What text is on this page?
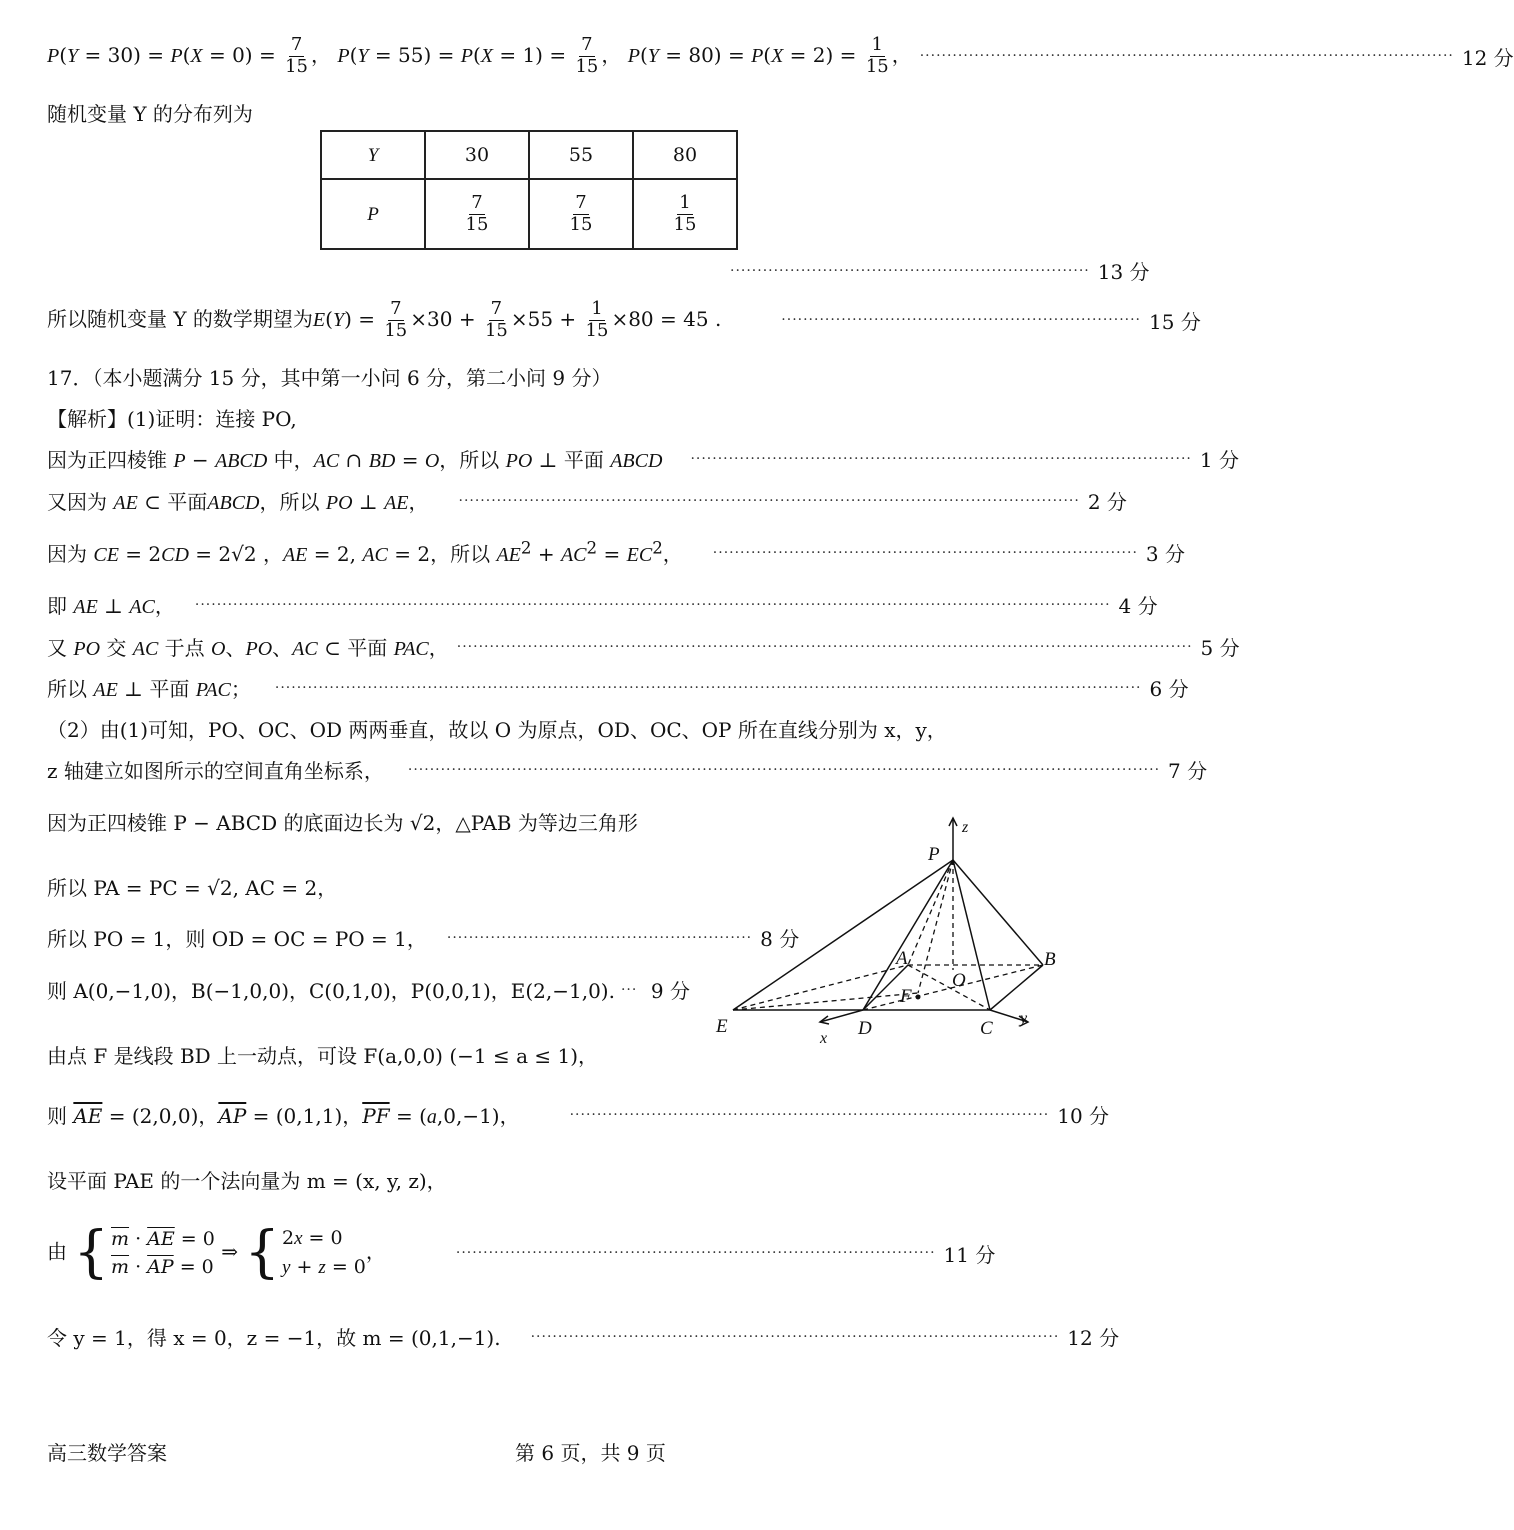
$P(Y = 30) = P(X = 0) = \frac{7}{15}$ ， $P(Y = 55) = P(X = 1) = \frac{7}{15}$ ， $P(Y = 80) = P(X = 2) = \frac{1}{15}$ ， ·································································································· 12 分
随机变量 Y 的分布列为
Y	30	55	80
P	$\frac{7}{15}$	$\frac{7}{15}$	$\frac{1}{15}$
·································································· 13 分
所以随机变量 Y 的数学期望为$E(Y) = \frac{7}{15} \times 30 + \frac{7}{15} \times 55 + \frac{1}{15} \times 80 = 45$ .	·································································· 15 分
17．（本小题满分 15 分，其中第一小问 6 分，第二小问 9 分）
【解析】(1)证明：连接 PO,
因为正四棱锥 P − ABCD 中，AC ∩ BD = O，所以 PO ⊥ 平面 ABCD ···························································································· 1 分
又因为 AE ⊂ 平面ABCD，所以 PO ⊥ AE， ·················································································································· 2 分
因为 CE = 2CD = 2√2 ，AE = 2, AC = 2，所以 $AE^2 + AC^2 = EC^2$， ·············································································· 3 分
即 AE ⊥ AC， ········································································································································································ 4 分
又 PO 交 AC 于点 O、PO、AC ⊂ 平面 PAC， ······································································································································· 5 分
所以 AE ⊥ 平面 PAC； ······························································································································································· 6 分
（2）由(1)可知，PO、OC、OD 两两垂直，故以 O 为原点，OD、OC、OP 所在直线分别为 x，y，
z 轴建立如图所示的空间直角坐标系， ·········································································································································· 7 分
因为正四棱锥 P − ABCD 的底面边长为 √2，△PAB 为等边三角形
所以 PA = PC = √2, AC = 2，
所以 PO = 1，则 OD = OC = PO = 1， ························································ 8 分
则 A(0,−1,0)，B(−1,0,0)，C(0,1,0)，P(0,0,1)，E(2,−1,0). ··· 9 分
由点 F 是线段 BD 上一动点，可设 F(a,0,0) (−1 ≤ a ≤ 1)，
则 $\overline{AE} = (2,0,0)$，$\overline{AP} = (0,1,1)$，$\overline{PF} = (a,0,-1)$，	························································································ 10 分
设平面 PAE 的一个法向量为 m = (x, y, z)，
由 { $\overline{m} \cdot \overline{AE} = 0$
$\overline{m} \cdot \overline{AP} = 0$
⇒ { 2x = 0
y + z = 0
，	························································································ 11 分
令 y = 1，得 x = 0，z = −1，故 m = (0,1,−1). ································································································· 12 分
P
z
A	B
O
F
E	D	C
x
y
高三数学答案	第 6 页，共 9 页
